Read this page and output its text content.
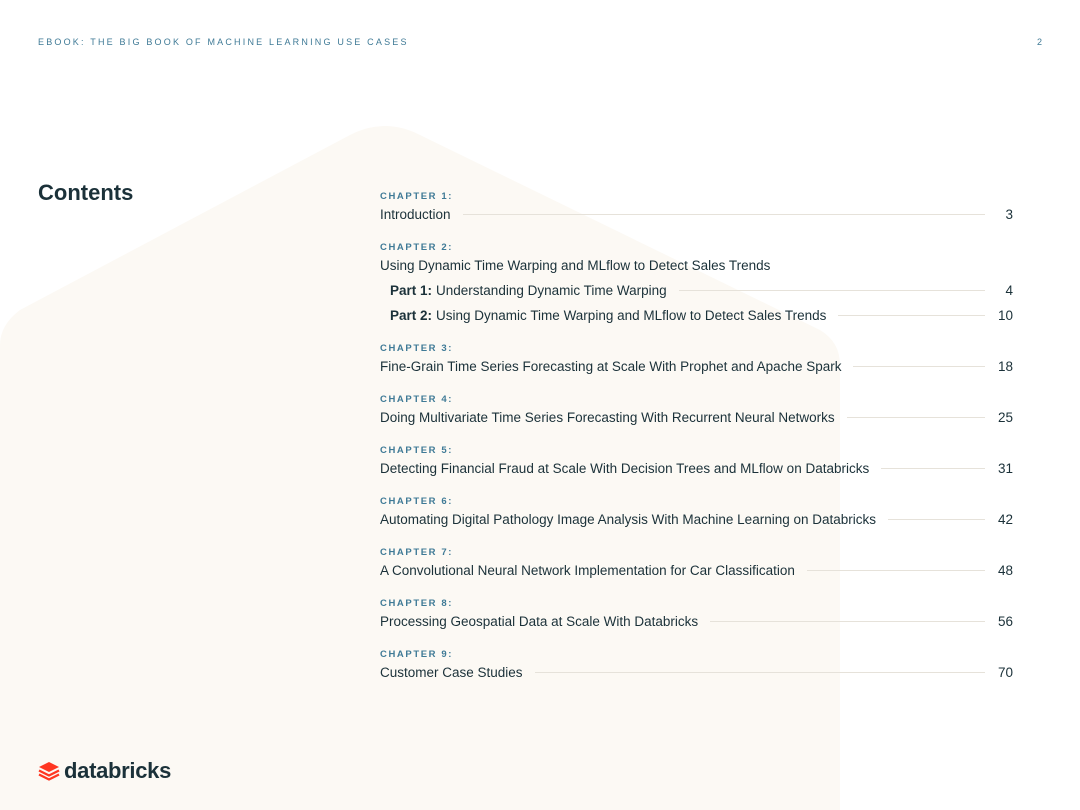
EBOOK: THE BIG BOOK OF MACHINE LEARNING USE CASES	2
Contents	CHAPTER 1:
Introduction	3
CHAPTER 2:
Using Dynamic Time Warping and MLflow to Detect Sales Trends
Part 1: Understanding Dynamic Time Warping	4
Part 2: Using Dynamic Time Warping and MLflow to Detect Sales Trends	10
CHAPTER 3:
Fine-Grain Time Series Forecasting at Scale With Prophet and Apache Spark	18
CHAPTER 4:
Doing Multivariate Time Series Forecasting With Recurrent Neural Networks	25
CHAPTER 5:
Detecting Financial Fraud at Scale With Decision Trees and MLflow on Databricks	31
CHAPTER 6:
Automating Digital Pathology Image Analysis With Machine Learning on Databricks	42
CHAPTER 7:
A Convolutional Neural Network Implementation for Car Classification	48
CHAPTER 8:
Processing Geospatial Data at Scale With Databricks	56
CHAPTER 9:
Customer Case Studies	70
databricks
